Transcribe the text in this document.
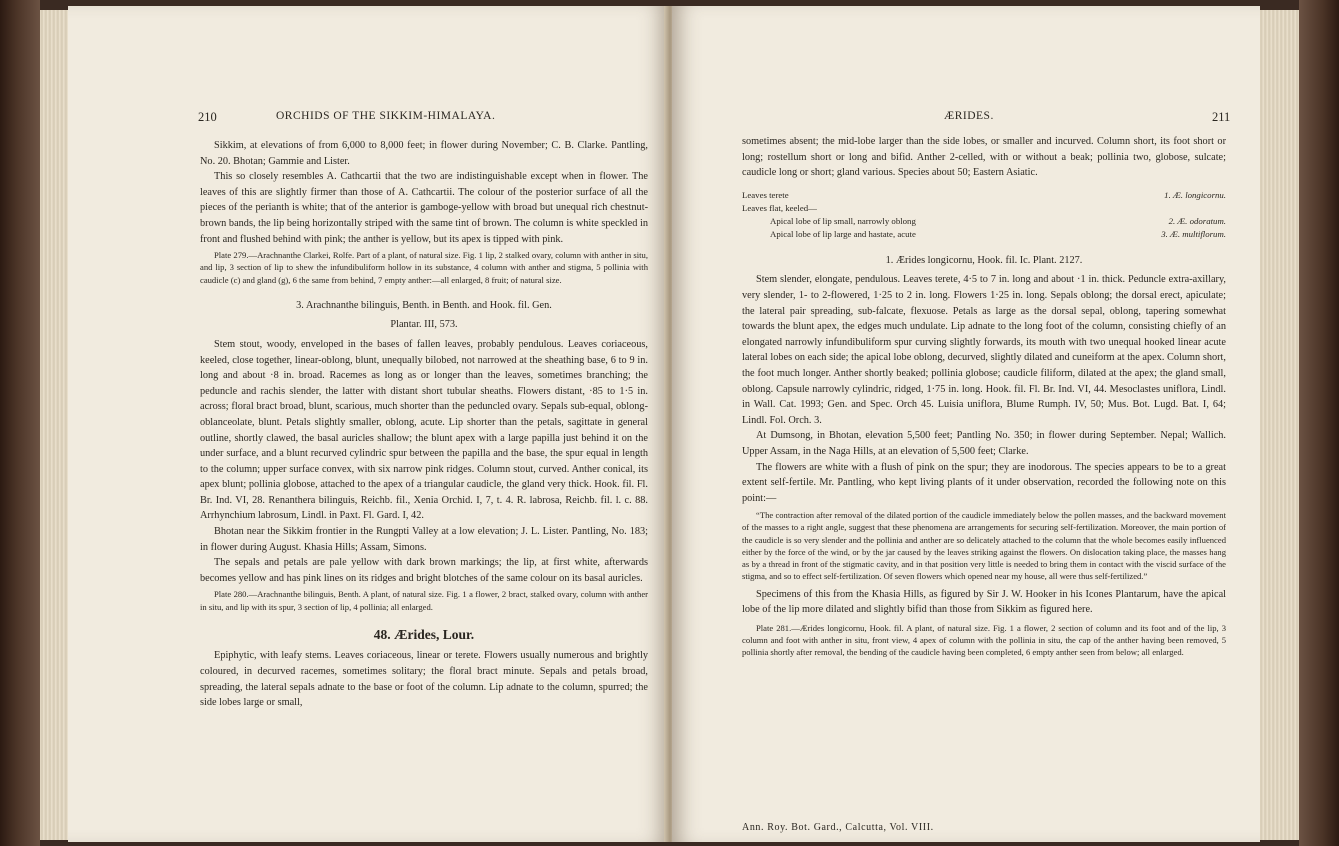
210	ORCHIDS OF THE SIKKIM-HIMALAYA.

Sikkim, at elevations of from 6,000 to 8,000 feet; in flower during November; C. B. Clarke. Pantling, No. 20. Bhotan; Gammie and Lister.

This so closely resembles A. Cathcartii that the two are indistinguishable except when in flower. The leaves of this are slightly firmer than those of A. Cathcartii. The colour of the posterior surface of all the pieces of the perianth is white; that of the anterior is gamboge-yellow with broad but unequal rich chestnut-brown bands, the lip being horizontally striped with the same tint of brown. The column is white speckled in front and flushed behind with pink; the anther is yellow, but its apex is tipped with pink.

Plate 279.—Arachnanthe Clarkei, Rolfe. Part of a plant, of natural size. Fig. 1 lip, 2 stalked ovary, column with anther in situ, and lip, 3 section of lip to shew the infundibuliform hollow in its substance, 4 column with anther and stigma, 5 pollinia with caudicle (c) and gland (g), 6 the same from behind, 7 empty anther:—all enlarged, 8 fruit; of natural size.

3. Arachnanthe bilinguis, Benth. in Benth. and Hook. fil. Gen.

Plantar. III, 573.

Stem stout, woody, enveloped in the bases of fallen leaves, probably pendulous. Leaves coriaceous, keeled, close together, linear-oblong, blunt, unequally bilobed, not narrowed at the sheathing base, 6 to 9 in. long and about ·8 in. broad. Racemes as long as or longer than the leaves, sometimes branching; the peduncle and rachis slender, the latter with distant short tubular sheaths. Flowers distant, ·85 to 1·5 in. across; floral bract broad, blunt, scarious, much shorter than the peduncled ovary. Sepals sub-equal, oblong-oblanceolate, blunt. Petals slightly smaller, oblong, acute. Lip shorter than the petals, sagittate in general outline, shortly clawed, the basal auricles shallow; the blunt apex with a large papilla just behind it on the under surface, and a blunt recurved cylindric spur between the papilla and the base, the spur equal in length to the column; upper surface convex, with six narrow pink ridges. Column stout, curved. Anther conical, its apex blunt; pollinia globose, attached to the apex of a triangular caudicle, the gland very thick. Hook. fil. Fl. Br. Ind. VI, 28. Renanthera bilinguis, Reichb. fil., Xenia Orchid. I, 7, t. 4. R. labrosa, Reichb. fil. l. c. 88. Arrhynchium labrosum, Lindl. in Paxt. Fl. Gard. I, 42.

Bhotan near the Sikkim frontier in the Rungpti Valley at a low elevation; J. L. Lister. Pantling, No. 183; in flower during August. Khasia Hills; Assam, Simons.

The sepals and petals are pale yellow with dark brown markings; the lip, at first white, afterwards becomes yellow and has pink lines on its ridges and bright blotches of the same colour on its basal auricles.

Plate 280.—Arachnanthe bilinguis, Benth. A plant, of natural size. Fig. 1 a flower, 2 bract, stalked ovary, column with anther in situ, and lip with its spur, 3 section of lip, 4 pollinia; all enlarged.

48. Ærides, Lour.

Epiphytic, with leafy stems. Leaves coriaceous, linear or terete. Flowers usually numerous and brightly coloured, in decurved racemes, sometimes solitary; the floral bract minute. Sepals and petals broad, spreading, the lateral sepals adnate to the base or foot of the column. Lip adnate to the column, spurred; the side lobes large or small,

ÆRIDES.	211

sometimes absent; the mid-lobe larger than the side lobes, or smaller and incurved. Column short, its foot short or long; rostellum short or long and bifid. Anther 2-celled, with or without a beak; pollinia two, globose, sulcate; caudicle long or short; gland various. Species about 50; Eastern Asiatic.

Leaves terete	1. Æ. longicornu.
Leaves flat, keeled—
Apical lobe of lip small, narrowly oblong	2. Æ. odoratum.
Apical lobe of lip large and hastate, acute	3. Æ. multiflorum.

1. Ærides longicornu, Hook. fil. Ic. Plant. 2127.

Stem slender, elongate, pendulous. Leaves terete, 4·5 to 7 in. long and about ·1 in. thick. Peduncle extra-axillary, very slender, 1- to 2-flowered, 1·25 to 2 in. long. Flowers 1·25 in. long. Sepals oblong; the dorsal erect, apiculate; the lateral pair spreading, sub-falcate, flexuose. Petals as large as the dorsal sepal, oblong, tapering somewhat towards the blunt apex, the edges much undulate. Lip adnate to the long foot of the column, consisting chiefly of an elongated narrowly infundibuliform spur curving slightly forwards, its mouth with two unequal hooked linear acute lateral lobes on each side; the apical lobe oblong, decurved, slightly dilated and cuneiform at the apex. Column short, the foot much longer. Anther shortly beaked; pollinia globose; caudicle filiform, dilated at the apex; the gland small, oblong. Capsule narrowly cylindric, ridged, 1·75 in. long. Hook. fil. Fl. Br. Ind. VI, 44. Mesoclastes uniflora, Lindl. in Wall. Cat. 1993; Gen. and Spec. Orch 45. Luisia uniflora, Blume Rumph. IV, 50; Mus. Bot. Lugd. Bat. I, 64; Lindl. Fol. Orch. 3.

At Dumsong, in Bhotan, elevation 5,500 feet; Pantling No. 350; in flower during September. Nepal; Wallich. Upper Assam, in the Naga Hills, at an elevation of 5,500 feet; Clarke.

The flowers are white with a flush of pink on the spur; they are inodorous. The species appears to be to a great extent self-fertile. Mr. Pantling, who kept living plants of it under observation, recorded the following note on this point:—

“The contraction after removal of the dilated portion of the caudicle immediately below the pollen masses, and the backward movement of the masses to a right angle, suggest that these phenomena are arrangements for securing self-fertilization. Moreover, the main portion of the caudicle is so very slender and the pollinia and anther are so delicately attached to the column that the whole becomes easily influenced either by the force of the wind, or by the jar caused by the leaves striking against the flowers. On dislocation taking place, the masses hang as by a thread in front of the stigmatic cavity, and in that position very little is needed to bring them in contact with the viscid surface of the stigma, and so to effect self-fertilization. Of seven flowers which opened near my house, all were thus self-fertilized.”

Specimens of this from the Khasia Hills, as figured by Sir J. W. Hooker in his Icones Plantarum, have the apical lobe of the lip more dilated and slightly bifid than those from Sikkim as figured here.

Plate 281.—Ærides longicornu, Hook. fil. A plant, of natural size. Fig. 1 a flower, 2 section of column and its foot and of the lip, 3 column and foot with anther in situ, front view, 4 apex of column with the pollinia in situ, the cap of the anther having been removed, 5 pollinia shortly after removal, the bending of the caudicle having been completed, 6 empty anther seen from below; all enlarged.

Ann. Roy. Bot. Gard., Calcutta, Vol. VIII.
